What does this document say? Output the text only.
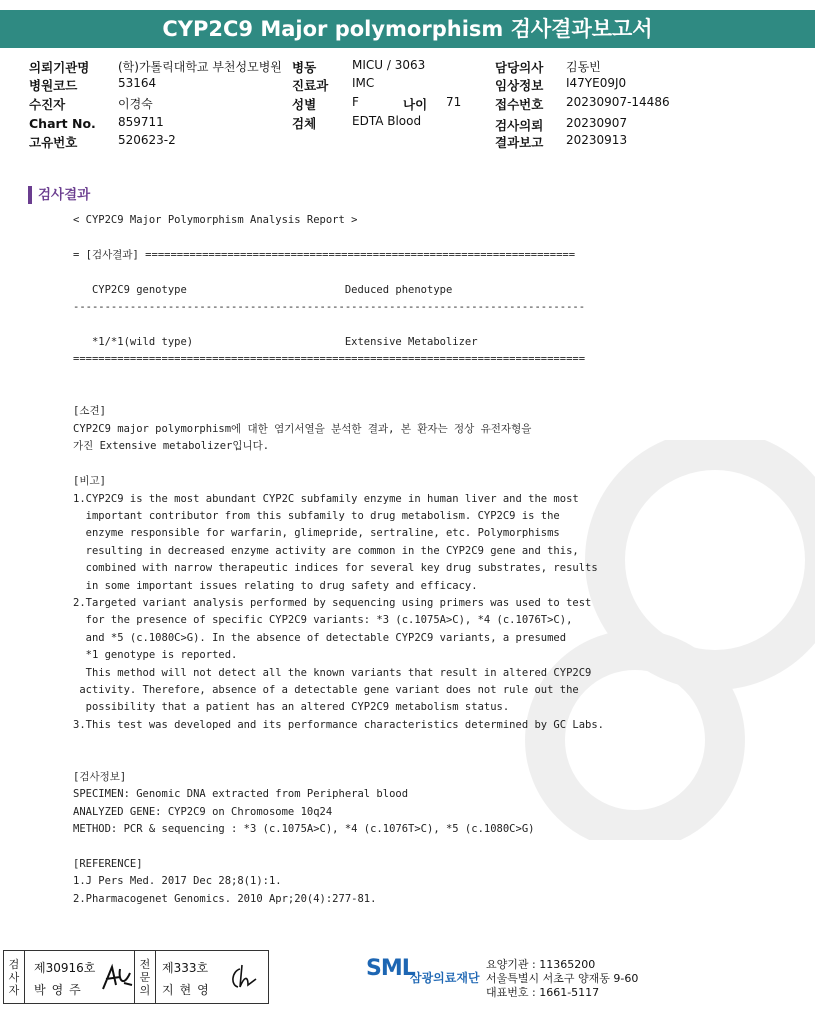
CYP2C9 Major polymorphism 검사결과보고서
의뢰기관명 (학)가톨릭대학교 부천성모병원
병원코드	53164
수진자	이경숙
Chart No. 859711
고유번호	520623-2
병동	MICU / 3063
진료과 IMC
성별	F	나이 71
검체	EDTA Blood
담당의사 김동빈
임상정보 I47YE09J0
접수번호 20230907-14486
검사의뢰 20230907
결과보고 20230913
검사결과
< CYP2C9 Major Polymorphism Analysis Report >

= [검사결과] ====================================================================

CYP2C9 genotype                         Deduced phenotype
---------------------------------------------------------------------------------

*1/*1(wild type)                        Extensive Metabolizer
=================================================================================

[소견]
CYP2C9 major polymorphism에 대한 염기서열을 분석한 결과, 본 환자는 정상 유전자형을
가진 Extensive metabolizer입니다.

[비고]
1.CYP2C9 is the most abundant CYP2C subfamily enzyme in human liver and the most
important contributor from this subfamily to drug metabolism. CYP2C9 is the
enzyme responsible for warfarin, glimepride, sertraline, etc. Polymorphisms
resulting in decreased enzyme activity are common in the CYP2C9 gene and this,
combined with narrow therapeutic indices for several key drug substrates, results
in some important issues relating to drug safety and efficacy.
2.Targeted variant analysis performed by sequencing using primers was used to test
for the presence of specific CYP2C9 variants: *3 (c.1075A>C), *4 (c.1076T>C),
and *5 (c.1080C>G). In the absence of detectable CYP2C9 variants, a presumed
*1 genotype is reported.
This method will not detect all the known variants that result in altered CYP2C9
activity. Therefore, absence of a detectable gene variant does not rule out the
possibility that a patient has an altered CYP2C9 metabolism status.
3.This test was developed and its performance characteristics determined by GC Labs.

[검사정보]
SPECIMEN: Genomic DNA extracted from Peripheral blood
ANALYZED GENE: CYP2C9 on Chromosome 10q24
METHOD: PCR & sequencing : *3 (c.1075A>C), *4 (c.1076T>C), *5 (c.1080C>G)

[REFERENCE]
1.J Pers Med. 2017 Dec 28;8(1):1.
2.Pharmacogenet Genomics. 2010 Apr;20(4):277-81.
검
사
자
제30916호
박영주
전
문
의
제333호
지현영
SML
삼광의료재단
요양기관 : 11365200
서울특별시 서초구 양재동 9-60
대표번호 : 1661-5117
